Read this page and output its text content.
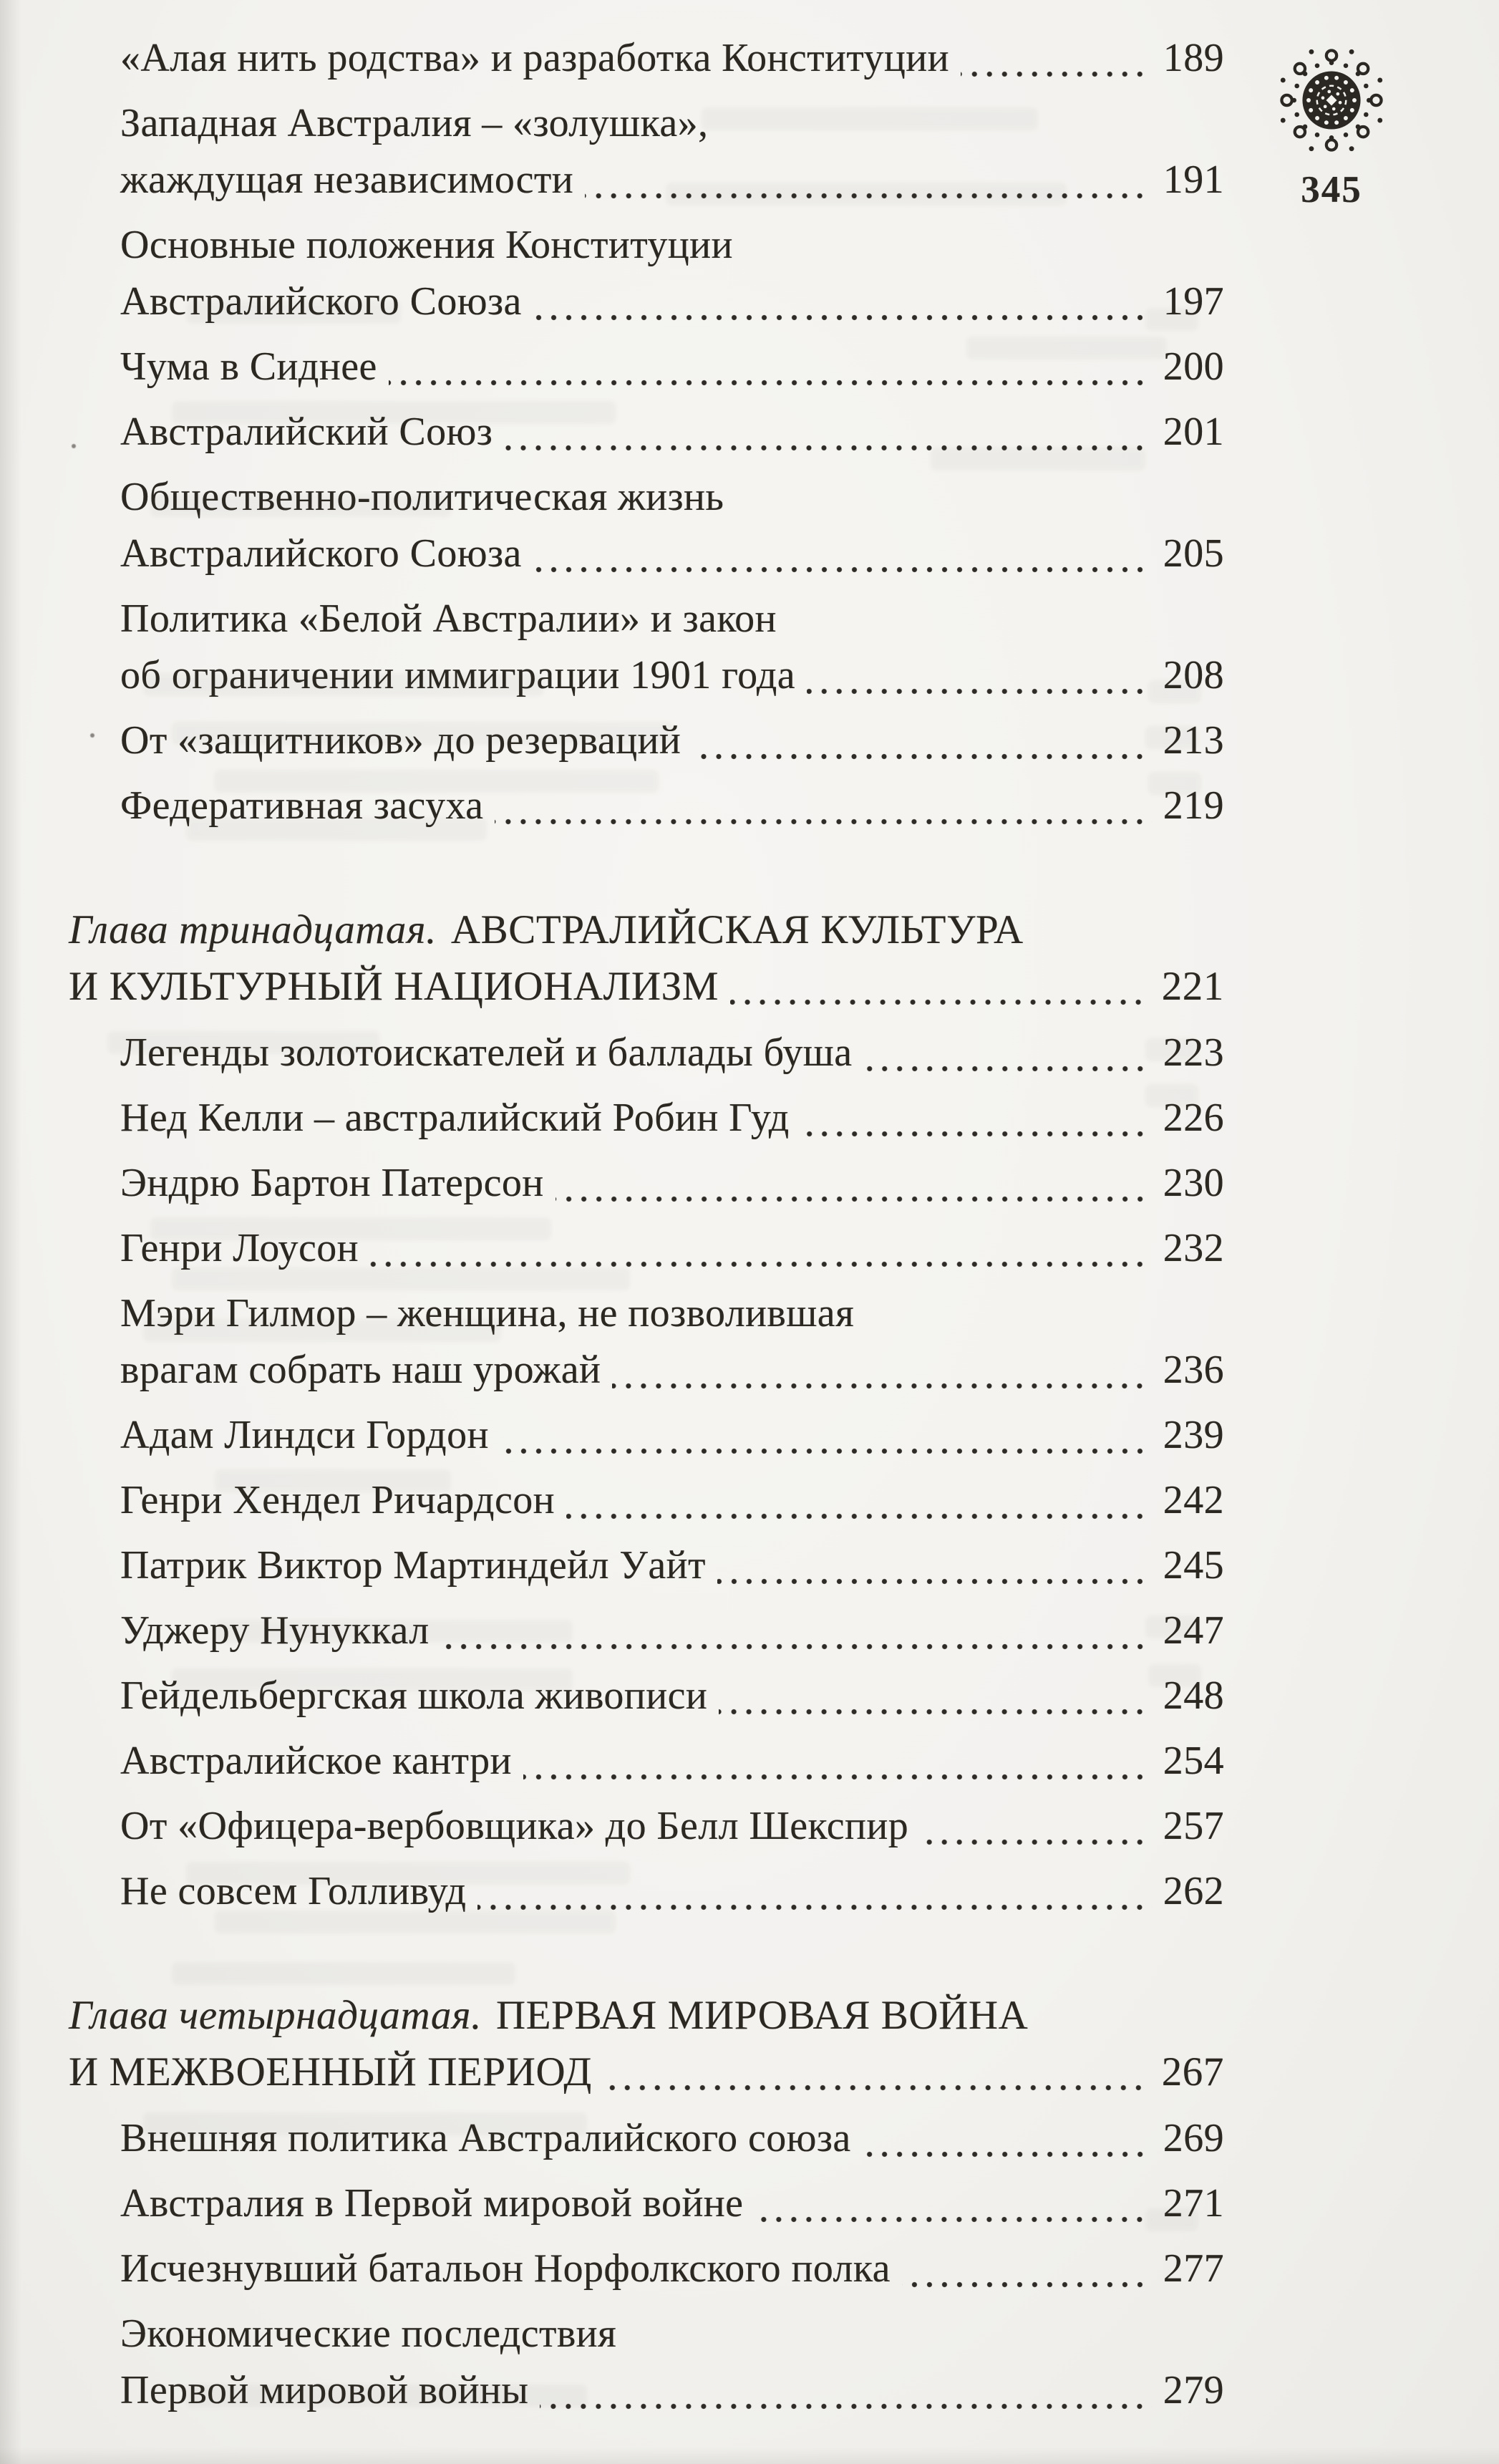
«Алая нить родства» и разработка Конституции	189
Западная Австралия – «золушка»,
жаждущая независимости	191
Основные положения Конституции
Австралийского Союза	197
Чума в Сиднее	200
Австралийский Союз	201
Общественно-политическая жизнь
Австралийского Союза	205
Политика «Белой Австралии» и закон
об ограничении иммиграции 1901 года	208
От «защитников» до резерваций	213
Федеративная засуха	219
Глава тринадцатая. АВСТРАЛИЙСКАЯ КУЛЬТУРА
И КУЛЬТУРНЫЙ НАЦИОНАЛИЗМ	221
Легенды золотоискателей и баллады буша	223
Нед Келли – австралийский Робин Гуд	226
Эндрю Бартон Патерсон	230
Генри Лоусон	232
Мэри Гилмор – женщина, не позволившая
врагам собрать наш урожай	236
Адам Линдси Гордон	239
Генри Хендел Ричардсон	242
Патрик Виктор Мартиндейл Уайт	245
Уджеру Нунуккал	247
Гейдельбергская школа живописи	248
Австралийское кантри	254
От «Офицера-вербовщика» до Белл Шекспир	257
Не совсем Голливуд	262
Глава четырнадцатая. ПЕРВАЯ МИРОВАЯ ВОЙНА
И МЕЖВОЕННЫЙ ПЕРИОД	267
Внешняя политика Австралийского союза	269
Австралия в Первой мировой войне	271
Исчезнувший батальон Норфолкского полка	277
Экономические последствия
Первой мировой войны	279
345
